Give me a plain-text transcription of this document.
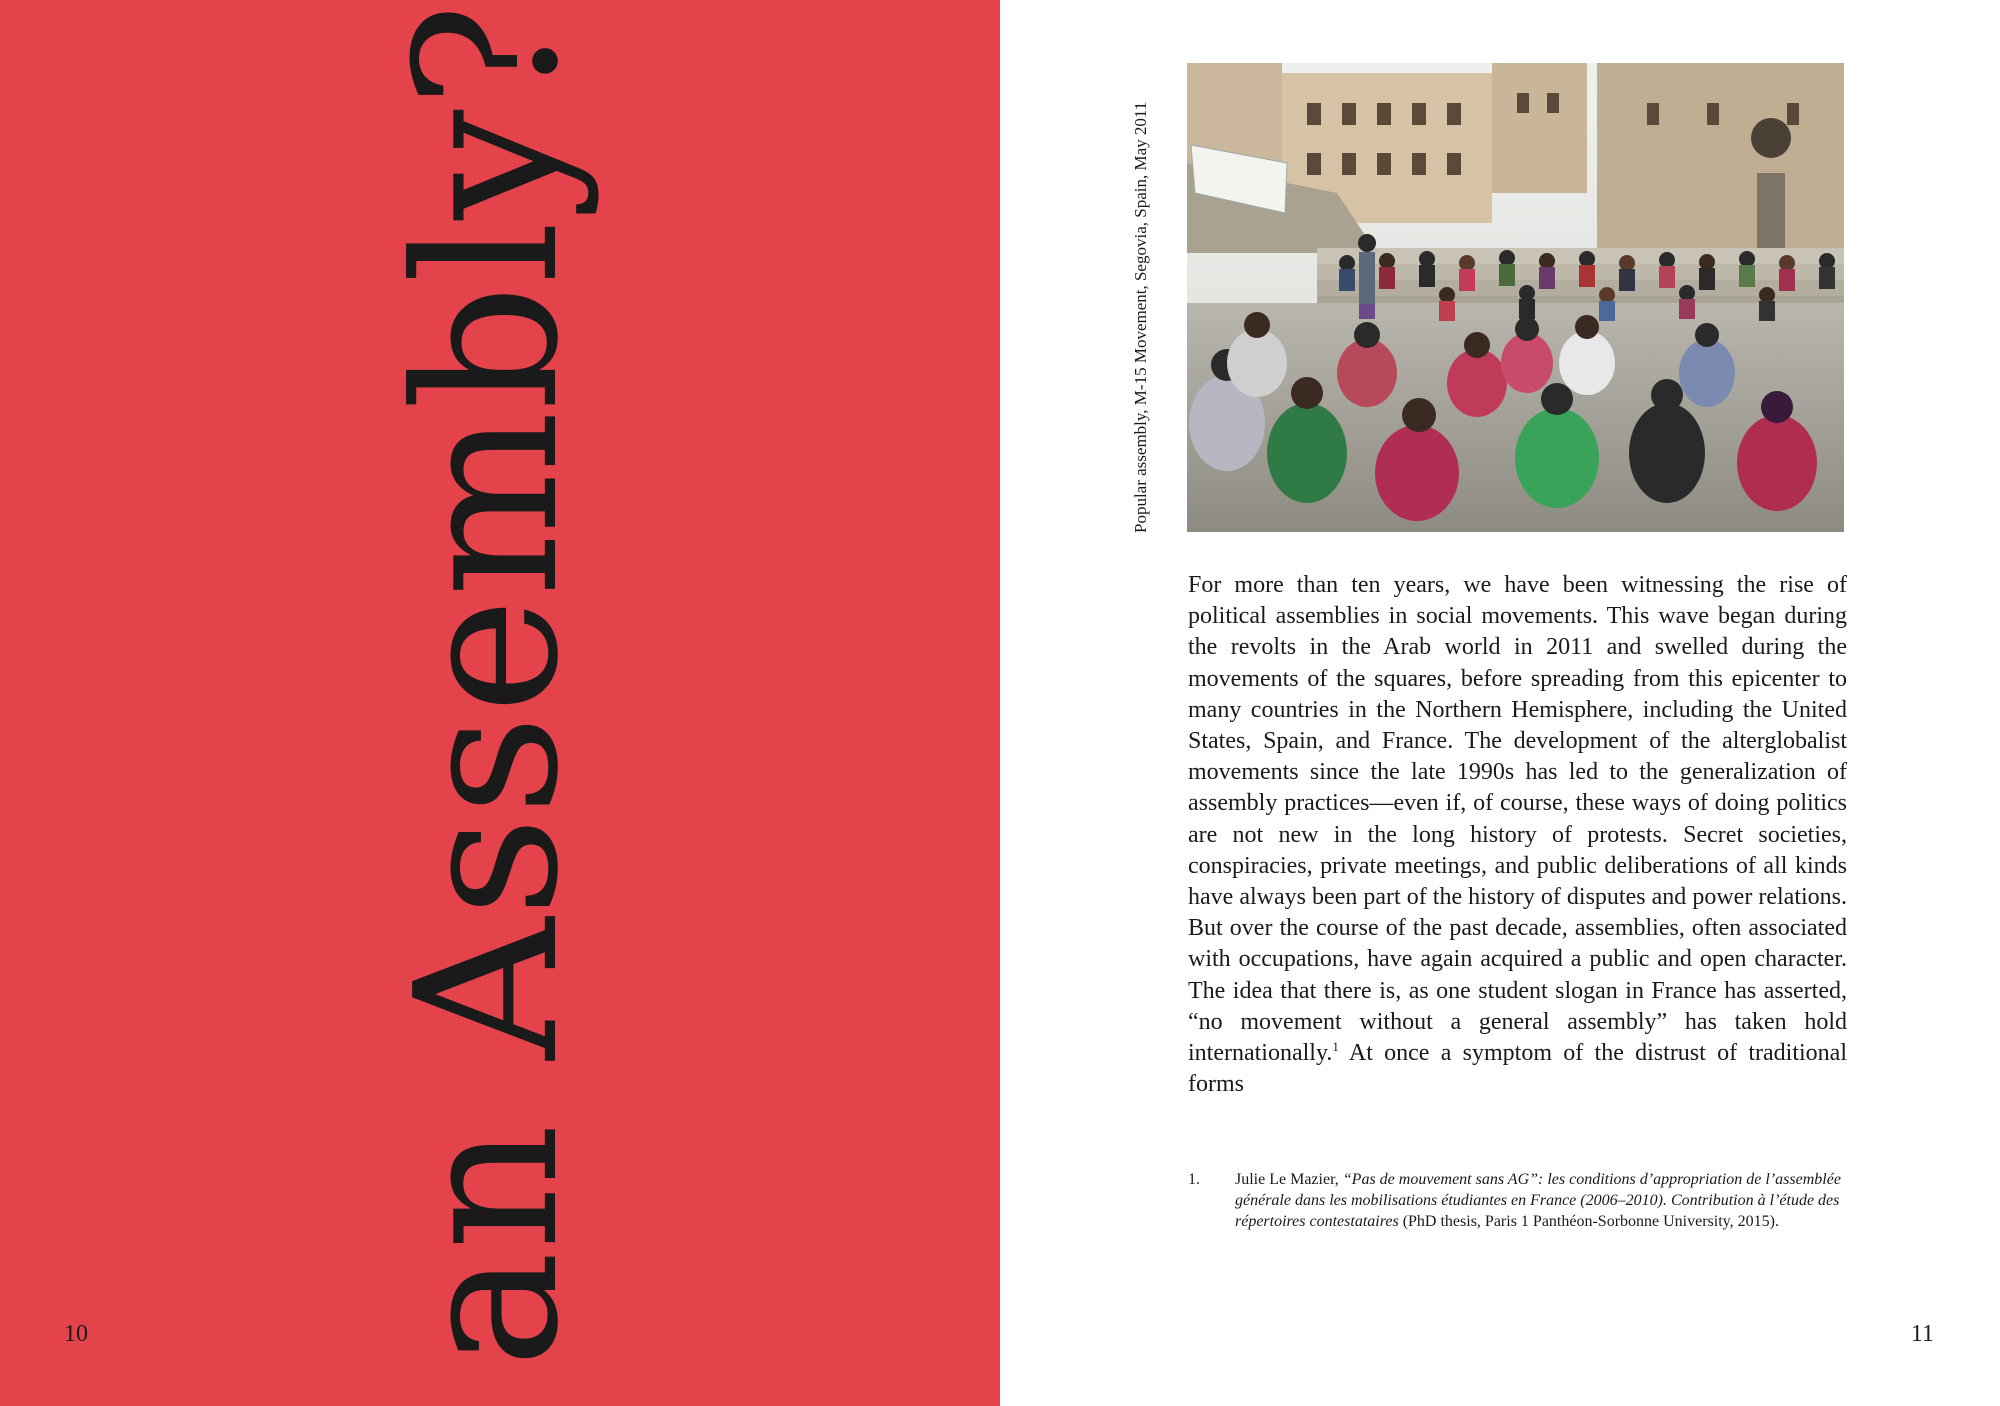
an Assembly?
10	11
Popular assembly, M-15 Movement, Segovia, Spain, May 2011

For more than ten years, we have been witnessing the rise of political assemblies in social movements. This wave began during the revolts in the Arab world in 2011 and swelled during the movements of the squares, before spreading from this epicenter to many countries in the Northern Hemisphere, including the United States, Spain, and France. The development of the alterglobalist movements since the late 1990s has led to the generalization of assembly practices—even if, of course, these ways of doing politics are not new in the long history of protests. Secret societies, conspiracies, private meetings, and public deliberations of all kinds have always been part of the history of disputes and power relations. But over the course of the past decade, assemblies, often associated with occupations, have again acquired a public and open character. The idea that there is, as one student slogan in France has asserted, “no movement without a general assembly” has taken hold internationally.$^1$ At once a symptom of the distrust of traditional forms

1. Julie Le Mazier, “Pas de mouvement sans AG”: les conditions d’appropriation de l’assemblée générale dans les mobilisations étudiantes en France (2006–2010). Contribution à l’étude des répertoires contestataires (PhD thesis, Paris 1 Panthéon-Sorbonne University, 2015).
